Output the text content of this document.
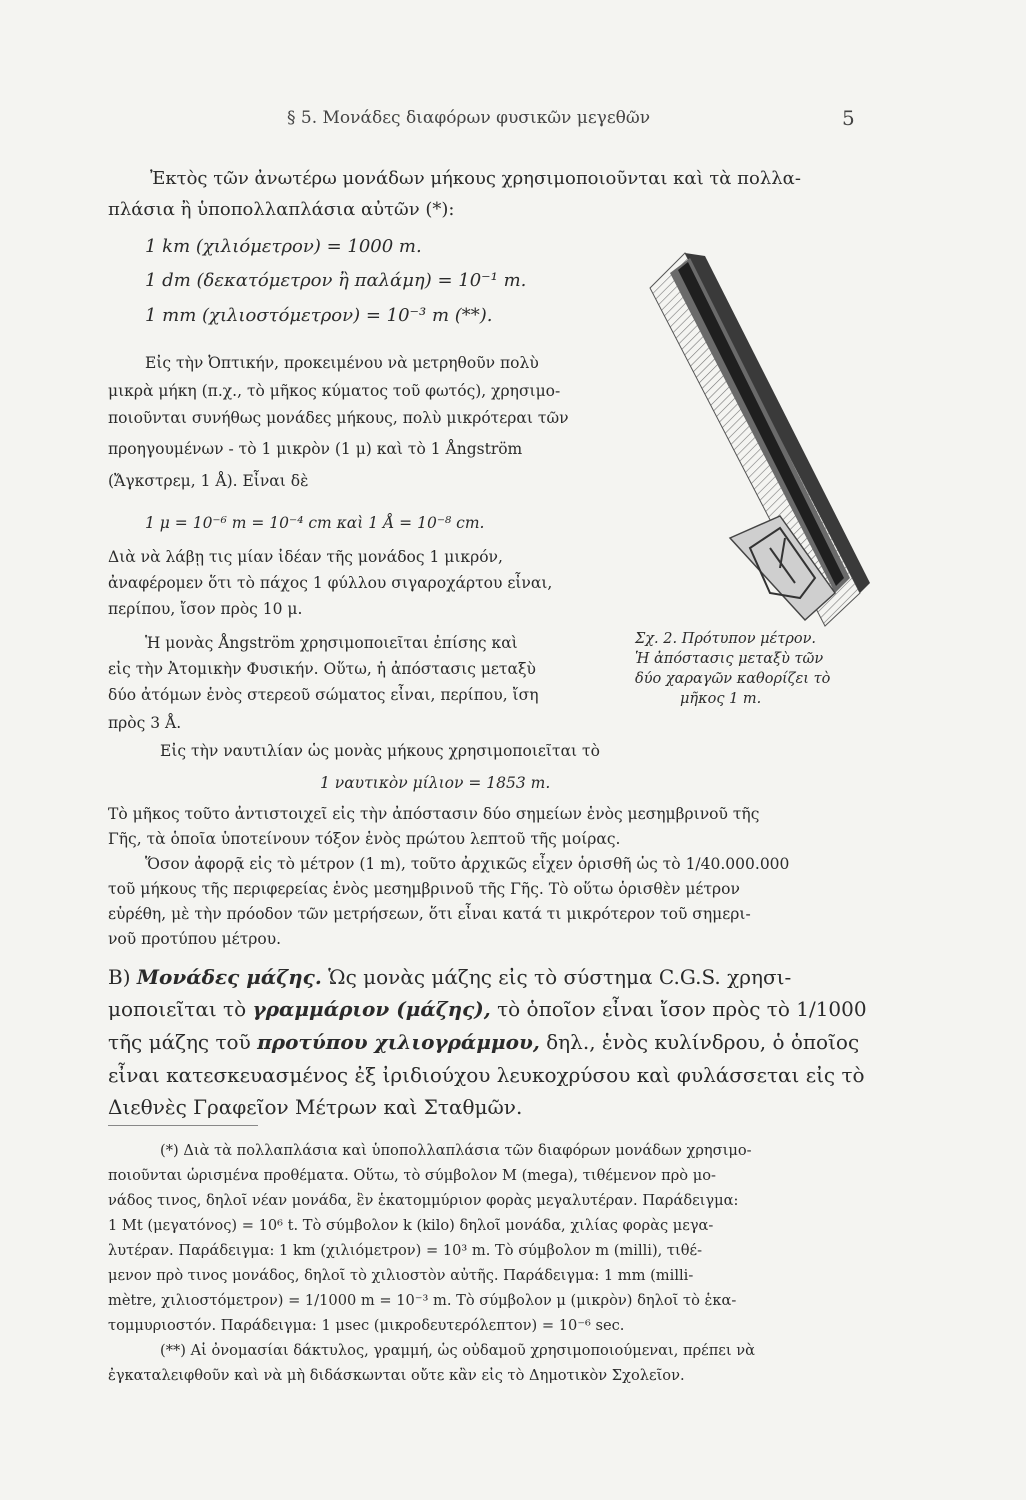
§ 5. Μονάδες διαφόρων φυσικῶν μεγεθῶν	5
Ἐκτὸς τῶν ἀνωτέρω μονάδων μήκους χρησιμοποιοῦνται καὶ τὰ πολλα-
πλάσια ἢ ὑποπολλαπλάσια αὐτῶν (*):
1 km (χιλιόμετρον) = 1000 m.
1 dm (δεκατόμετρον ἢ παλάμη) = 10⁻¹ m.
1 mm (χιλιοστόμετρον) = 10⁻³ m (**).
Εἰς τὴν Ὀπτικήν, προκειμένου νὰ μετρηθοῦν πολὺ
μικρὰ μήκη (π.χ., τὸ μῆκος κύματος τοῦ φωτός), χρησιμο-
ποιοῦνται συνήθως μονάδες μήκους, πολὺ μικρότεραι τῶν
προηγουμένων - τὸ 1 μικρὸν (1 μ) καὶ τὸ 1 Ångström
(Ἄγκστρεμ, 1 Å). Εἶναι δὲ
1 μ = 10⁻⁶ m = 10⁻⁴ cm καὶ 1 Å = 10⁻⁸ cm.
Διὰ νὰ λάβῃ τις μίαν ἰδέαν τῆς μονάδος 1 μικρόν,
ἀναφέρομεν ὅτι τὸ πάχος 1 φύλλου σιγαροχάρτου εἶναι,
περίπου, ἴσον πρὸς 10 μ.
Ἡ μονὰς Ångström χρησιμοποιεῖται ἐπίσης καὶ
εἰς τὴν Ἀτομικὴν Φυσικήν. Οὕτω, ἡ ἀπόστασις μεταξὺ
δύο ἀτόμων ἑνὸς στερεοῦ σώματος εἶναι, περίπου, ἴση
πρὸς 3 Å.
Σχ. 2. Πρότυπον μέτρον.
Ἡ ἀπόστασις μεταξὺ τῶν
δύο χαραγῶν καθορίζει τὸ
μῆκος 1 m.
Εἰς τὴν ναυτιλίαν ὡς μονὰς μήκους χρησιμοποιεῖται τὸ
1 ναυτικὸν μίλιον = 1853 m.
Τὸ μῆκος τοῦτο ἀντιστοιχεῖ εἰς τὴν ἀπόστασιν δύο σημείων ἑνὸς μεσημβρινοῦ τῆς
Γῆς, τὰ ὁποῖα ὑποτείνουν τόξον ἑνὸς πρώτου λεπτοῦ τῆς μοίρας.
Ὅσον ἀφορᾷ εἰς τὸ μέτρον (1 m), τοῦτο ἀρχικῶς εἶχεν ὁρισθῆ ὡς τὸ 1/40.000.000
τοῦ μήκους τῆς περιφερείας ἑνὸς μεσημβρινοῦ τῆς Γῆς. Τὸ οὕτω ὁρισθὲν μέτρον
εὑρέθη, μὲ τὴν πρόοδον τῶν μετρήσεων, ὅτι εἶναι κατά τι μικρότερον τοῦ σημερι-
νοῦ προτύπου μέτρου.
Β) Μονάδες μάζης. Ὡς μονὰς μάζης εἰς τὸ σύστημα C.G.S. χρησι-
μοποιεῖται τὸ γραμμάριον (μάζης), τὸ ὁποῖον εἶναι ἴσον πρὸς τὸ 1/1000
τῆς μάζης τοῦ προτύπου χιλιογράμμου, δηλ., ἑνὸς κυλίνδρου, ὁ ὁποῖος
εἶναι κατεσκευασμένος ἐξ ἰριδιούχου λευκοχρύσου καὶ φυλάσσεται εἰς τὸ
Διεθνὲς Γραφεῖον Μέτρων καὶ Σταθμῶν.
(*) Διὰ τὰ πολλαπλάσια καὶ ὑποπολλαπλάσια τῶν διαφόρων μονάδων χρησιμο-
ποιοῦνται ὡρισμένα προθέματα. Οὕτω, τὸ σύμβολον M (mega), τιθέμενον πρὸ μο-
νάδος τινος, δηλοῖ νέαν μονάδα, ἓν ἑκατομμύριον φορὰς μεγαλυτέραν. Παράδειγμα:
1 Mt (μεγατόνος) = 10⁶ t. Τὸ σύμβολον k (kilo) δηλοῖ μονάδα, χιλίας φορὰς μεγα-
λυτέραν. Παράδειγμα: 1 km (χιλιόμετρον) = 10³ m. Τὸ σύμβολον m (milli), τιθέ-
μενον πρὸ τινος μονάδος, δηλοῖ τὸ χιλιοστὸν αὐτῆς. Παράδειγμα: 1 mm (milli-
mètre, χιλιοστόμετρον) = 1/1000 m = 10⁻³ m. Τὸ σύμβολον μ (μικρὸν) δηλοῖ τὸ ἑκα-
τομμυριοστόν. Παράδειγμα: 1 μsec (μικροδευτερόλεπτον) = 10⁻⁶ sec.
(**) Αἱ ὀνομασίαι δάκτυλος, γραμμή, ὡς οὐδαμοῦ χρησιμοποιούμεναι, πρέπει νὰ
ἐγκαταλειφθοῦν καὶ νὰ μὴ διδάσκωνται οὔτε κἂν εἰς τὸ Δημοτικὸν Σχολεῖον.
